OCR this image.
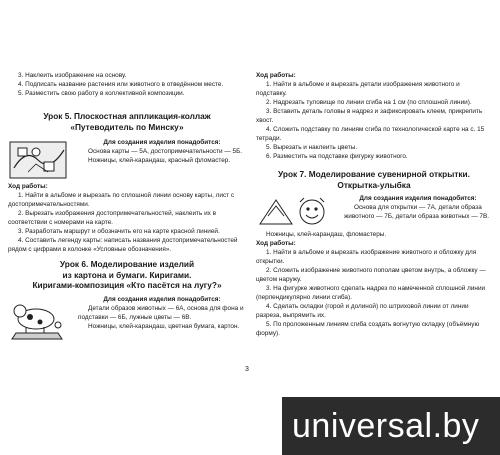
3. Наклеить изображение на основу.

4. Подписать название растения или животного в отведённом месте.

5. Разместить свою работу в коллективной композиции.

Урок 5. Плоскостная аппликация-коллаж

«Путеводитель по Минску»

Для создания изделия понадобится:

Основа карты — 5А, достопримечательности — 5Б.

Ножницы, клей-карандаш, красный фломастер.

Ход работы:

1. Найти в альбоме и вырезать по сплошной линии основу карты, лист с достопримечательностями.

2. Вырезать изображения достопримечательностей, наклеить их в соответствии с номерами на карте.

3. Разработать маршрут и обозначить его на карте красной линией.

4. Составить легенду карты: написать названия достопримечательностей рядом с цифрами в колонке «Условные обозначения».

Урок 6. Моделирование изделий

из картона и бумаги. Киригами.

Киригами-композиция «Кто пасётся на лугу?»

Для создания изделия понадобится:

Детали образов животных — 6А, основа для фона и подставки — 6Б, лужные цветы — 6В.

Ножницы, клей-карандаш, цветная бумага, картон.

Ход работы:

1. Найти в альбоме и вырезать детали изображения животного и подставку.

2. Надрезать туловище по линии сгиба на 1 см (по сплошной линии).

3. Вставить деталь головы в надрез и зафиксировать клеем, прикрепить хвост.

4. Сложить подставку по линиям сгиба по технологической карте на с. 15 тетради.

5. Вырезать и наклеить цветы.

6. Разместить на подставке фигурку животного.

Урок 7. Моделирование сувенирной открытки.

Открытка-улыбка

Для создания изделия понадобится:

Основа для открытки — 7А, детали образа животного — 7Б, детали образа животных — 7В.

Ножницы, клей-карандаш, фломастеры.

Ход работы:

1. Найти в альбоме и вырезать изображение животного и обложку для открытки.

2. Сложить изображение животного пополам цветом внутрь, а обложку — цветом наружу.

3. На фигурке животного сделать надрез по намеченной сплошной линии (перпендикулярно линии сгиба).

4. Сделать складки (горой и долиной) по штриховой линии от линии разреза, выпрямить их.

5. По проложенным линиям сгиба создать вогнутую складку (объёмную форму).

3
universal.by
